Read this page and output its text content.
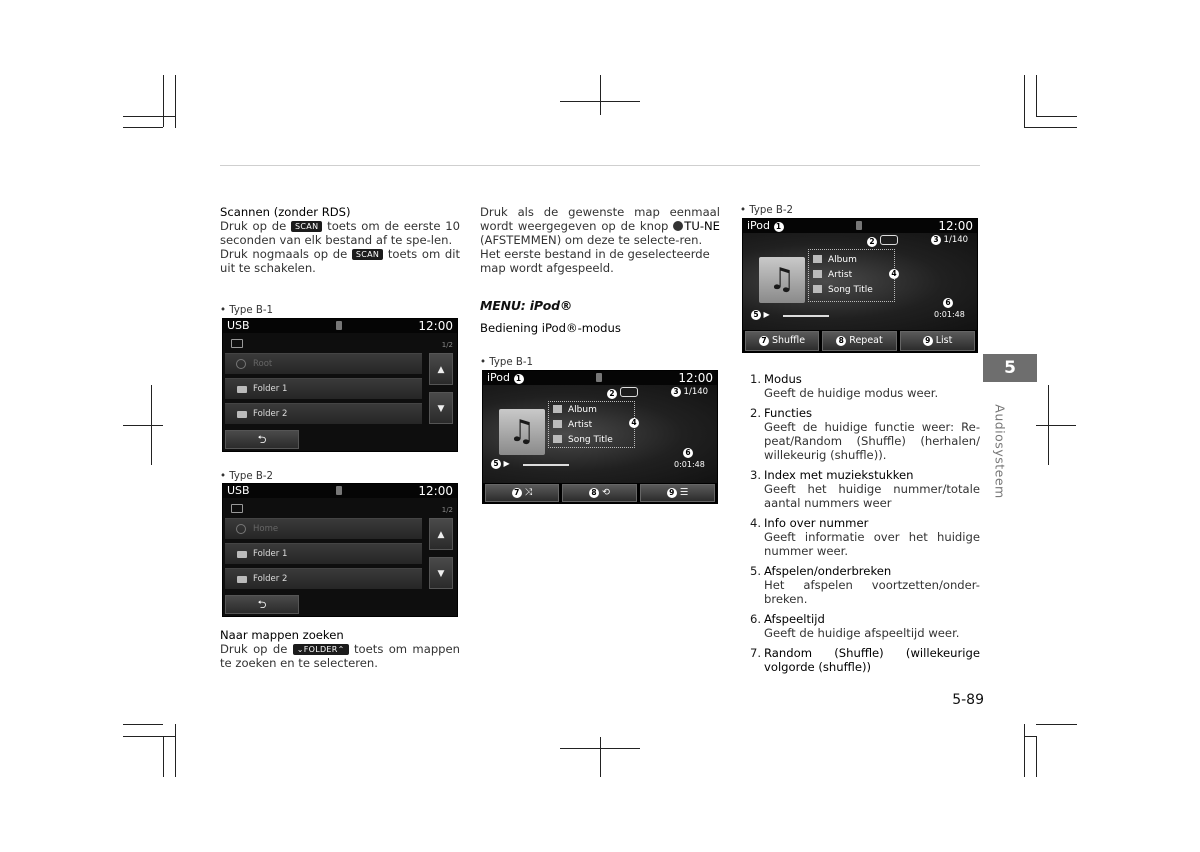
Scannen (zonder RDS)

Druk op de SCAN toets om de eerste 10 seconden van elk bestand af te spe-len.

Druk nogmaals op de SCAN toets om dit uit te schakelen.

• Type B-1
USB	12:00
1/2
Root
Folder 1
Folder 2
▲
▼
⮌
• Type B-2
USB	12:00
1/2
Home
Folder 1
Folder 2
▲
▼
⮌

Naar mappen zoeken

Druk op de ⌄FOLDER⌃ toets om mappen te zoeken en te selecteren.

Druk als de gewenste map eenmaal wordt weergegeven op de knop TU-NE (AFSTEMMEN) om deze te selecte-ren.

Het eerste bestand in de geselecteerde map wordt afgespeeld.

MENU: iPod®
Bediening iPod®-modus
• Type B-1
iPod 1	12:00
2	3 1/140
♫
Album
Artist
Song Title
4
5 ▶
6
0:01:48
7 ⤨	8 ⟲	9 ☰
• Type B-2
iPod 1	12:00
2	3 1/140
♫
Album
Artist
Song Title
4
5 ▶
6
0:01:48
7 Shuffle	8 Repeat	9 List
1. Modus
Geeft de huidige modus weer.
2. Functies
Geeft de huidige functie weer: Re-peat/Random (Shuffle) (herhalen/ willekeurig (shuffle)).
3. Index met muziekstukken
Geeft het huidige nummer/totale aantal nummers weer
4. Info over nummer
Geeft informatie over het huidige nummer weer.
5. Afspelen/onderbreken
Het afspelen voortzetten/onder-breken.
6. Afspeeltijd
Geeft de huidige afspeeltijd weer.
7. Random (Shuffle) (willekeurige volgorde (shuffle))
5
Audiosysteem
5-89
